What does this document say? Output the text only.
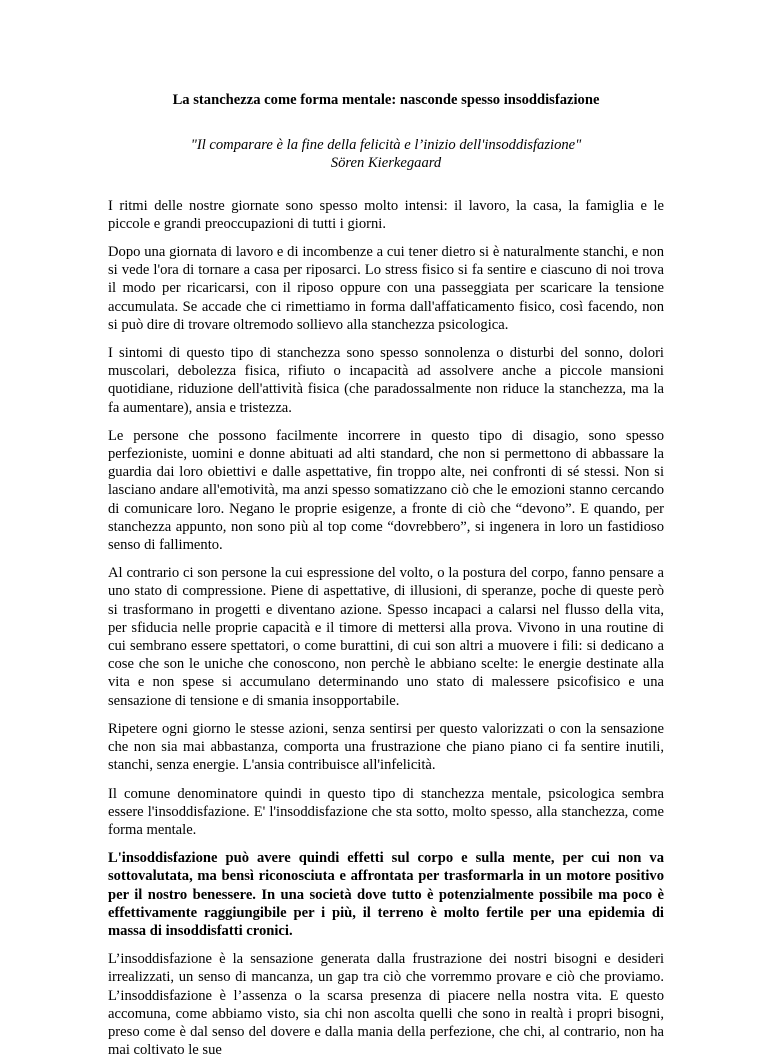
La stanchezza come forma mentale: nasconde spesso insoddisfazione

"Il comparare è la fine della felicità e l’inizio dell'insoddisfazione"

Sören Kierkegaard

I ritmi delle nostre giornate sono spesso molto intensi: il lavoro, la casa, la famiglia e le piccole e grandi preoccupazioni di tutti i giorni.

Dopo una giornata di lavoro e di incombenze a cui tener dietro si è naturalmente stanchi, e non si vede l'ora di tornare a casa per riposarci. Lo stress fisico si fa sentire e ciascuno di noi trova il modo per ricaricarsi, con il riposo oppure con una passeggiata per scaricare la tensione accumulata. Se accade che ci rimettiamo in forma dall'affaticamento fisico, così facendo, non si può dire di trovare oltremodo sollievo alla stanchezza psicologica.

I sintomi di questo tipo di stanchezza sono spesso sonnolenza o disturbi del sonno, dolori muscolari, debolezza fisica, rifiuto o incapacità ad assolvere anche a piccole mansioni quotidiane, riduzione dell'attività fisica (che paradossalmente non riduce la stanchezza, ma la fa aumentare), ansia e tristezza.

Le persone che possono facilmente incorrere in questo tipo di disagio, sono spesso perfezioniste, uomini e donne abituati ad alti standard, che non si permettono di abbassare la guardia dai loro obiettivi e dalle aspettative, fin troppo alte, nei confronti di sé stessi. Non si lasciano andare all'emotività, ma anzi spesso somatizzano ciò che le emozioni stanno cercando di comunicare loro. Negano le proprie esigenze, a fronte di ciò che “devono”. E quando, per stanchezza appunto, non sono più al top come “dovrebbero”, si ingenera in loro un fastidioso senso di fallimento.

Al contrario ci son persone la cui espressione del volto, o la postura del corpo, fanno pensare a uno stato di compressione. Piene di aspettative, di illusioni, di speranze, poche di queste però si trasformano in progetti e diventano azione. Spesso incapaci a calarsi nel flusso della vita, per sfiducia nelle proprie capacità e il timore di mettersi alla prova. Vivono in una routine di cui sembrano essere spettatori, o come burattini, di cui son altri a muovere i fili: si dedicano a cose che son le uniche che conoscono, non perchè le abbiano scelte: le energie destinate alla vita e non spese si accumulano determinando uno stato di malessere psicofisico e una sensazione di tensione e di smania insopportabile.

Ripetere ogni giorno le stesse azioni, senza sentirsi per questo valorizzati o con la sensazione che non sia mai abbastanza, comporta una frustrazione che piano piano ci fa sentire inutili, stanchi, senza energie. L'ansia contribuisce all'infelicità.

Il comune denominatore quindi in questo tipo di stanchezza mentale, psicologica sembra essere l'insoddisfazione. E' l'insoddisfazione che sta sotto, molto spesso, alla stanchezza, come forma mentale.

L'insoddisfazione può avere quindi effetti sul corpo e sulla mente, per cui non va sottovalutata, ma bensì riconosciuta e affrontata per trasformarla in un motore positivo per il nostro benessere. In una società dove tutto è potenzialmente possibile ma poco è effettivamente raggiungibile per i più, il terreno è molto fertile per una epidemia di massa di insoddisfatti cronici.

L’insoddisfazione è la sensazione generata dalla frustrazione dei nostri bisogni e desideri irrealizzati, un senso di mancanza, un gap tra ciò che vorremmo provare e ciò che proviamo. L’insoddisfazione è l’assenza o la scarsa presenza di piacere nella nostra vita. E questo accomuna, come abbiamo visto, sia chi non ascolta quelli che sono in realtà i propri bisogni, preso come è dal senso del dovere e dalla mania della perfezione, che chi, al contrario, non ha mai coltivato le sue
